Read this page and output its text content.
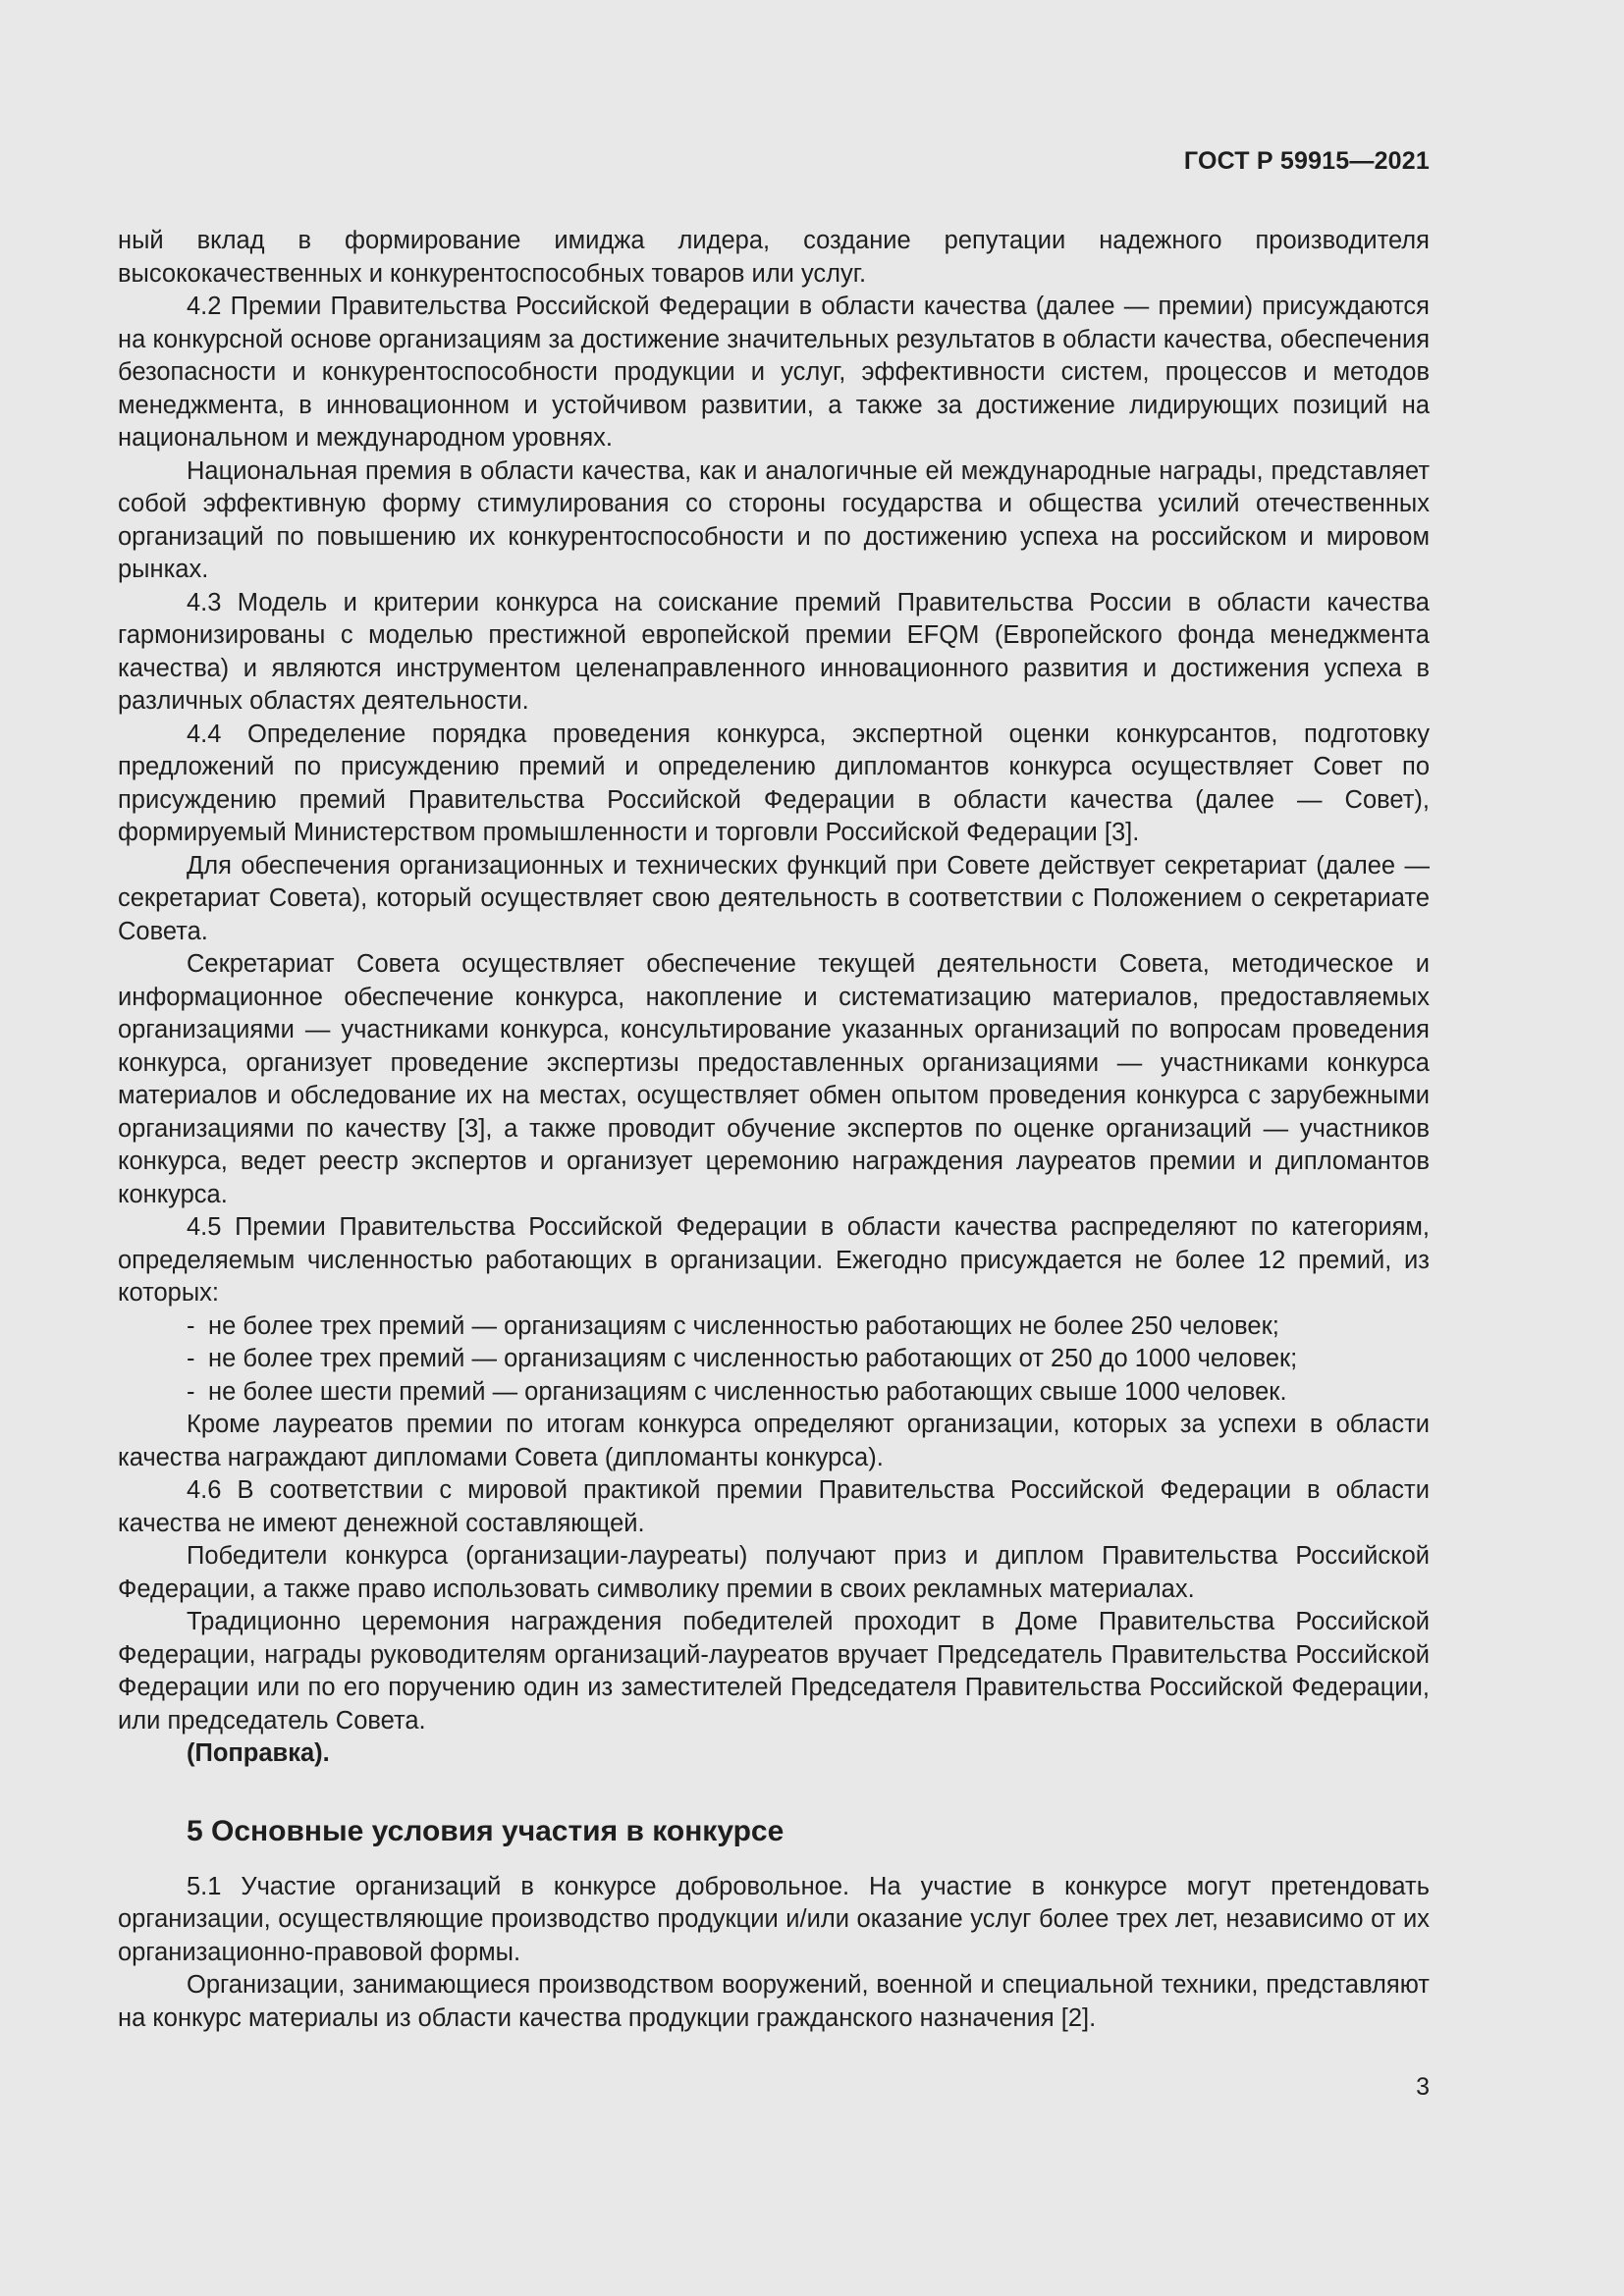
ГОСТ Р 59915—2021

ный вклад в формирование имиджа лидера, создание репутации надежного производителя высококачественных и конкурентоспособных товаров или услуг.

4.2 Премии Правительства Российской Федерации в области качества (далее — премии) присуждаются на конкурсной основе организациям за достижение значительных результатов в области качества, обеспечения безопасности и конкурентоспособности продукции и услуг, эффективности систем, процессов и методов менеджмента, в инновационном и устойчивом развитии, а также за достижение лидирующих позиций на национальном и международном уровнях.

Национальная премия в области качества, как и аналогичные ей международные награды, представляет собой эффективную форму стимулирования со стороны государства и общества усилий отечественных организаций по повышению их конкурентоспособности и по достижению успеха на российском и мировом рынках.

4.3 Модель и критерии конкурса на соискание премий Правительства России в области качества гармонизированы с моделью престижной европейской премии EFQM (Европейского фонда менеджмента качества) и являются инструментом целенаправленного инновационного развития и достижения успеха в различных областях деятельности.

4.4 Определение порядка проведения конкурса, экспертной оценки конкурсантов, подготовку предложений по присуждению премий и определению дипломантов конкурса осуществляет Совет по присуждению премий Правительства Российской Федерации в области качества (далее — Совет), формируемый Министерством промышленности и торговли Российской Федерации [3].

Для обеспечения организационных и технических функций при Совете действует секретариат (далее — секретариат Совета), который осуществляет свою деятельность в соответствии с Положением о секретариате Совета.

Секретариат Совета осуществляет обеспечение текущей деятельности Совета, методическое и информационное обеспечение конкурса, накопление и систематизацию материалов, предоставляемых организациями — участниками конкурса, консультирование указанных организаций по вопросам проведения конкурса, организует проведение экспертизы предоставленных организациями — участниками конкурса материалов и обследование их на местах, осуществляет обмен опытом проведения конкурса с зарубежными организациями по качеству [3], а также проводит обучение экспертов по оценке организаций — участников конкурса, ведет реестр экспертов и организует церемонию награждения лауреатов премии и дипломантов конкурса.

4.5 Премии Правительства Российской Федерации в области качества распределяют по категориям, определяемым численностью работающих в организации. Ежегодно присуждается не более 12 премий, из которых:

- не более трех премий — организациям с численностью работающих не более 250 человек;

- не более трех премий — организациям с численностью работающих от 250 до 1000 человек;

- не более шести премий — организациям с численностью работающих свыше 1000 человек.

Кроме лауреатов премии по итогам конкурса определяют организации, которых за успехи в области качества награждают дипломами Совета (дипломанты конкурса).

4.6 В соответствии с мировой практикой премии Правительства Российской Федерации в области качества не имеют денежной составляющей.

Победители конкурса (организации-лауреаты) получают приз и диплом Правительства Российской Федерации, а также право использовать символику премии в своих рекламных материалах.

Традиционно церемония награждения победителей проходит в Доме Правительства Российской Федерации, награды руководителям организаций-лауреатов вручает Председатель Правительства Российской Федерации или по его поручению один из заместителей Председателя Правительства Российской Федерации, или председатель Совета.

(Поправка).

5 Основные условия участия в конкурсе

5.1 Участие организаций в конкурсе добровольное. На участие в конкурсе могут претендовать организации, осуществляющие производство продукции и/или оказание услуг более трех лет, независимо от их организационно-правовой формы.

Организации, занимающиеся производством вооружений, военной и специальной техники, представляют на конкурс материалы из области качества продукции гражданского назначения [2].

3
